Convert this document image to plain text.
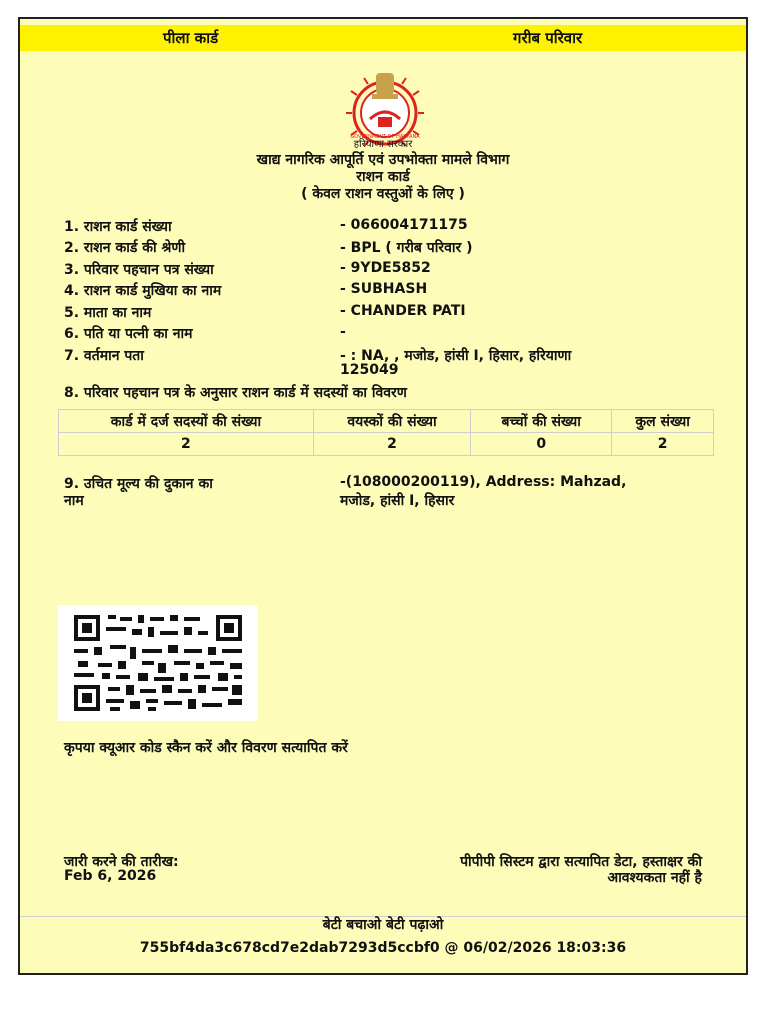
पीला कार्ड	गरीब परिवार
GOVERNMENT OF HARYANA
हरियाणा सरकार
खाद्य नागरिक आपूर्ति एवं उपभोक्ता मामले विभाग
राशन कार्ड
( केवल राशन वस्तुओं के लिए )
1. राशन कार्ड संख्या	- 066004171175
2. राशन कार्ड की श्रेणी	- BPL ( गरीब परिवार )
3. परिवार पहचान पत्र संख्या	- 9YDE5852
4. राशन कार्ड मुखिया का नाम	- SUBHASH
5. माता का नाम	- CHANDER PATI
6. पति या पत्नी का नाम	-
7. वर्तमान पता	- : NA, , मजोड, हांसी I, हिसार, हरियाणा
125049
8. परिवार पहचान पत्र के अनुसार राशन कार्ड में सदस्यों का विवरण
कार्ड में दर्ज सदस्यों की संख्या	वयस्कों की संख्या	बच्चों की संख्या	कुल संख्या
2	2	0	2
9. उचित मूल्य की दुकान का
नाम
-(108000200119), Address: Mahzad,
मजोड, हांसी I, हिसार
कृपया क्यूआर कोड स्कैन करें और विवरण सत्यापित करें
जारी करने की तारीख:
Feb 6, 2026
पीपीपी सिस्टम द्वारा सत्यापित डेटा, हस्ताक्षर की
आवश्यकता नहीं है
बेटी बचाओ बेटी पढ़ाओ
755bf4da3c678cd7e2dab7293d5ccbf0 @ 06/02/2026 18:03:36
